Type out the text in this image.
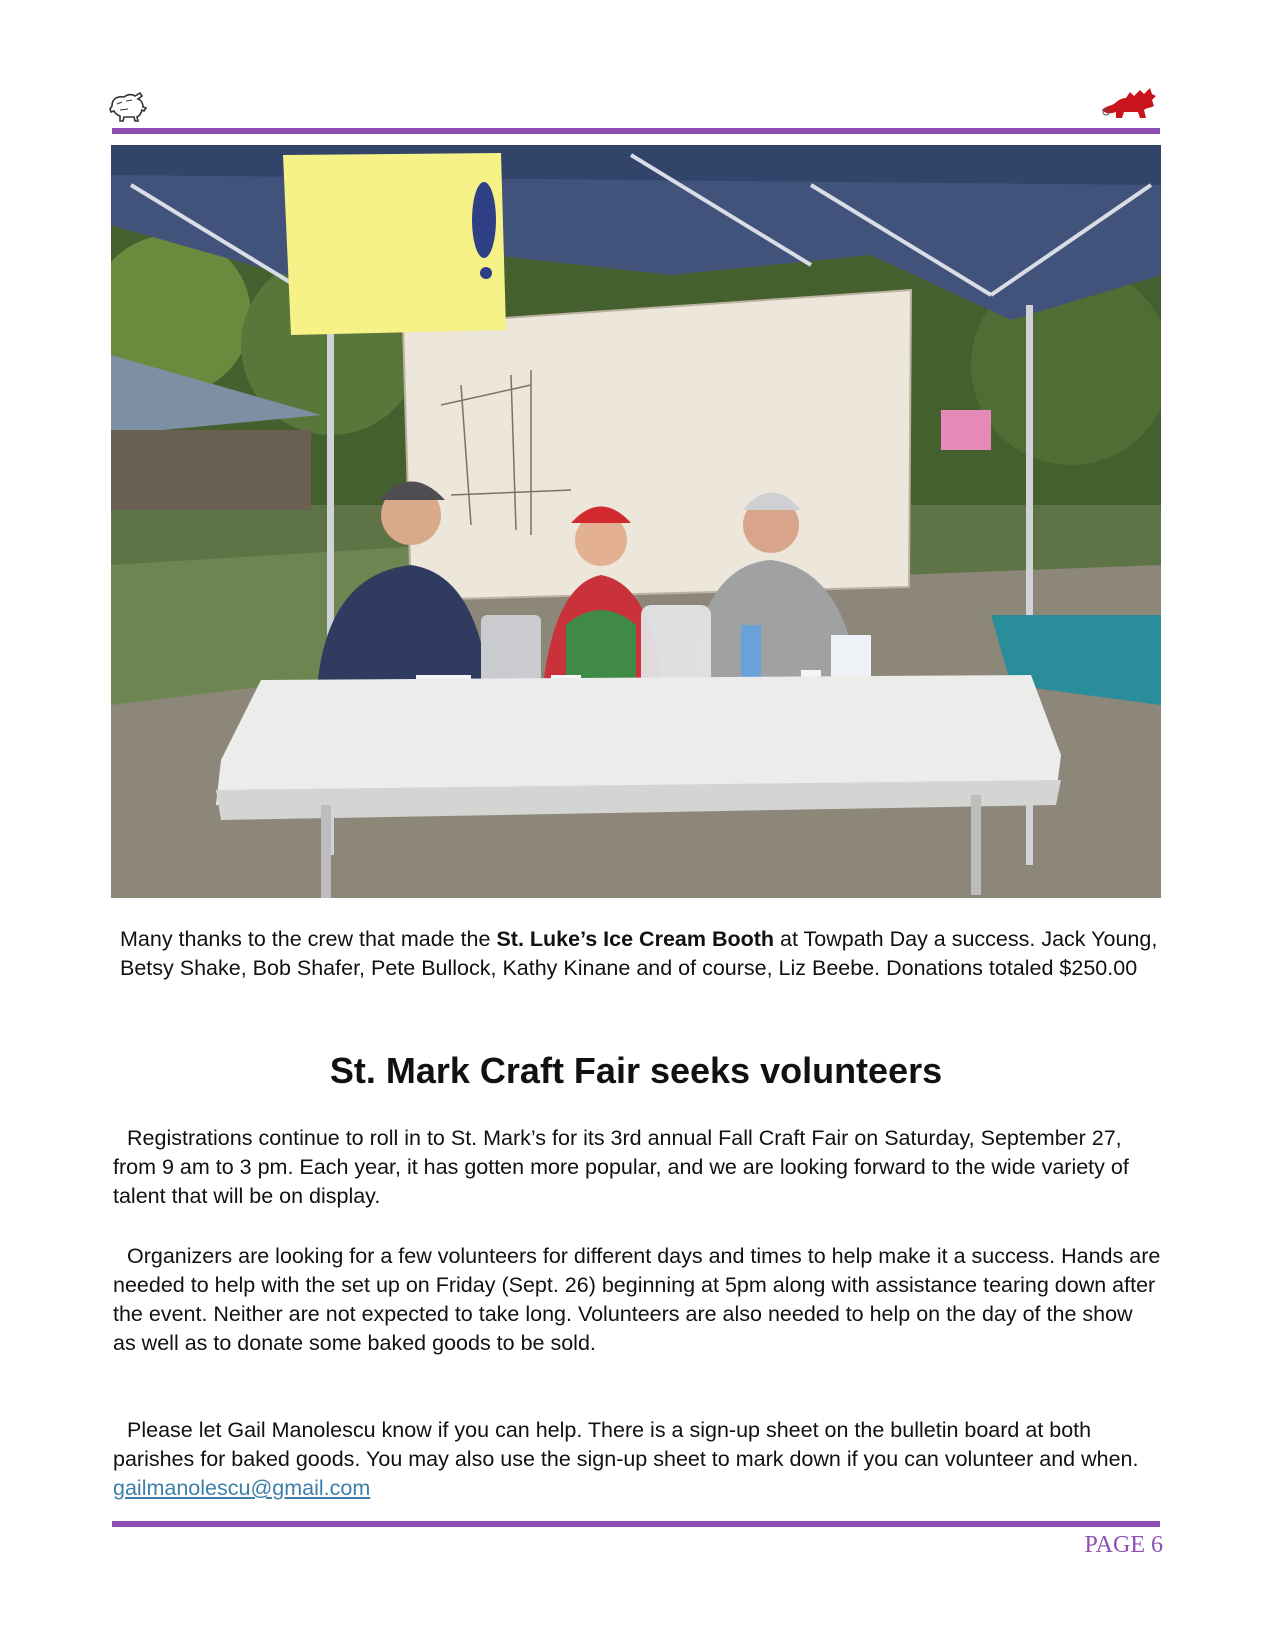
Many thanks to the crew that made the St. Luke’s Ice Cream Booth at Towpath Day a success. Jack Young, Betsy Shake, Bob Shafer, Pete Bullock, Kathy Kinane and of course, Liz Beebe. Donations totaled $250.00

St. Mark Craft Fair seeks volunteers

Registrations continue to roll in to St. Mark’s for its 3rd annual Fall Craft Fair on Saturday, September 27, from 9 am to 3 pm. Each year, it has gotten more popular, and we are looking forward to the wide variety of talent that will be on display.

Organizers are looking for a few volunteers for different days and times to help make it a success. Hands are needed to help with the set up on Friday (Sept. 26) beginning at 5pm along with assistance tearing down after the event. Neither are not expected to take long. Volunteers are also needed to help on the day of the show as well as to donate some baked goods to be sold.

Please let Gail Manolescu know if you can help. There is a sign-up sheet on the bulletin board at both parishes for baked goods. You may also use the sign-up sheet to mark down if you can volunteer and when. gailmanolescu@gmail.com

PAGE 6
